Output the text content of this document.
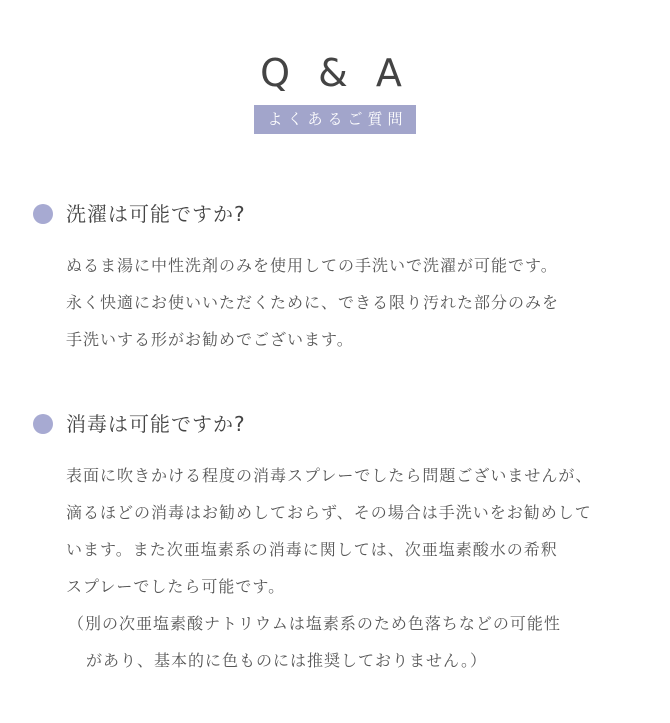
Q & A
よくあるご質問
洗濯は可能ですか?
ぬるま湯に中性洗剤のみを使用しての手洗いで洗濯が可能です。
永く快適にお使いいただくために、できる限り汚れた部分のみを
手洗いする形がお勧めでございます。
消毒は可能ですか?
表面に吹きかける程度の消毒スプレーでしたら問題ございませんが、
滴るほどの消毒はお勧めしておらず、その場合は手洗いをお勧めして
います。また次亜塩素系の消毒に関しては、次亜塩素酸水の希釈
スプレーでしたら可能です。
（別の次亜塩素酸ナトリウムは塩素系のため色落ちなどの可能性
があり、基本的に色ものには推奨しておりません。）
